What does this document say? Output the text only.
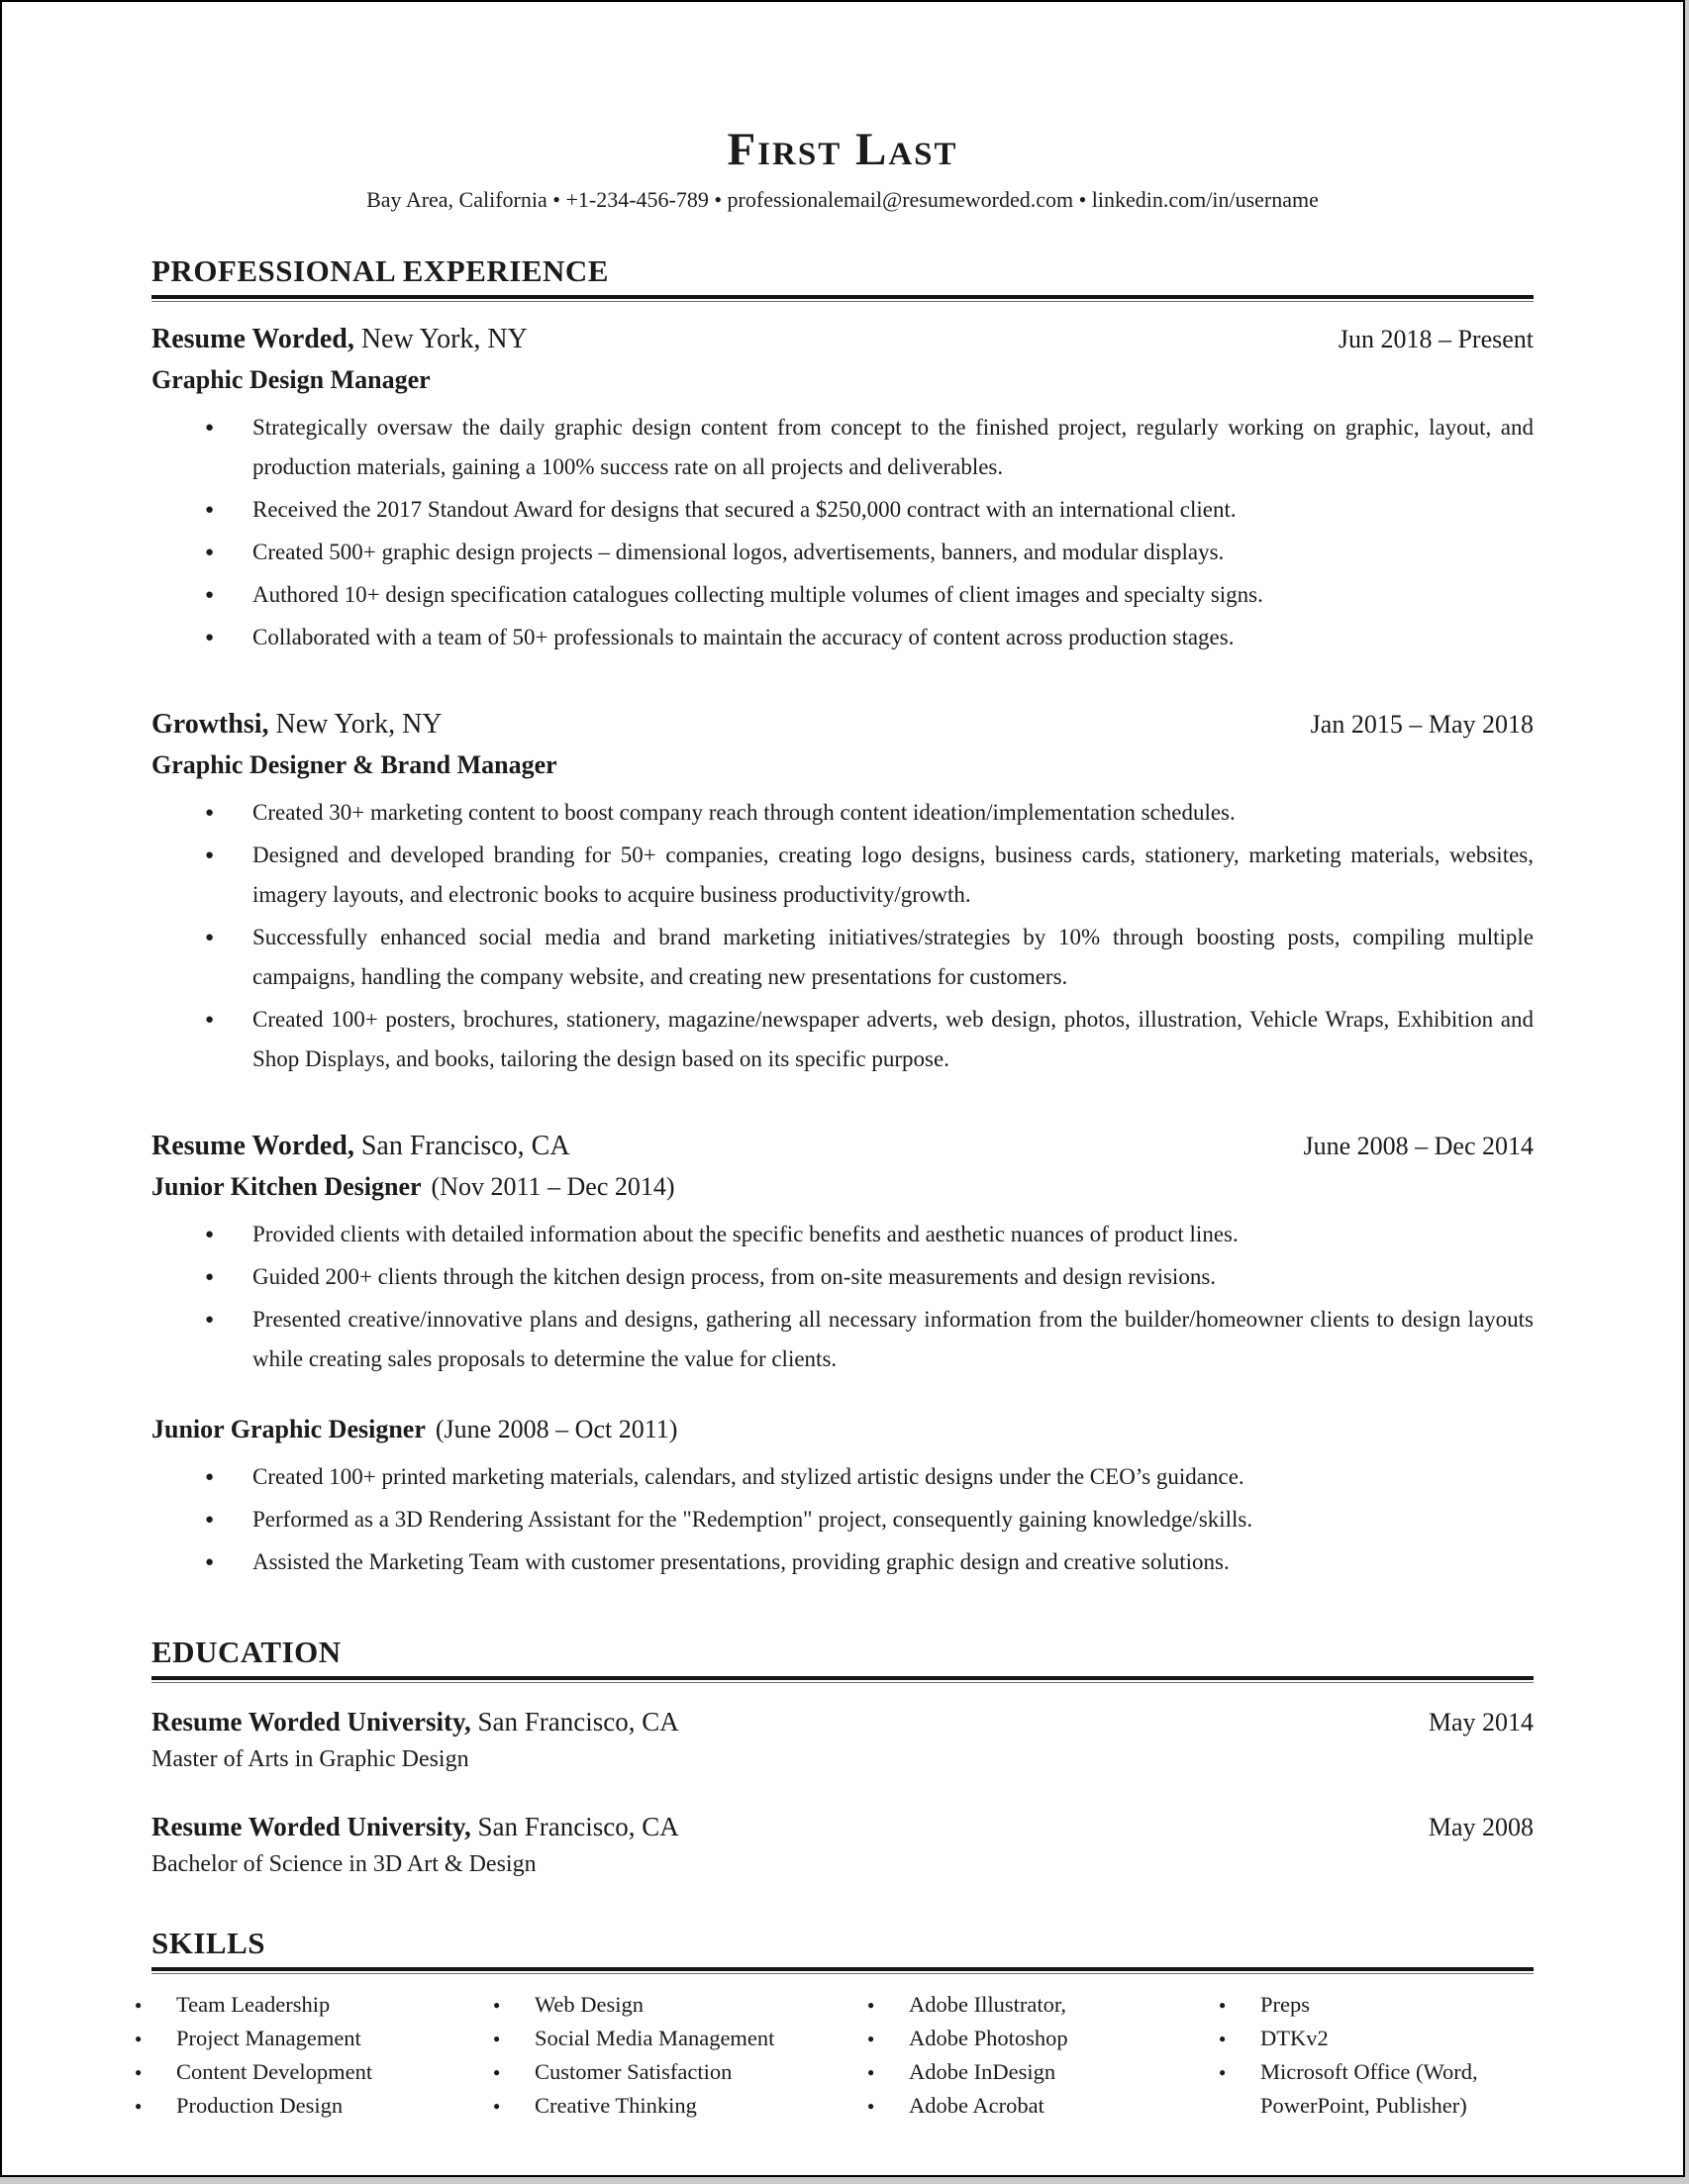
First Last
Bay Area, California • +1-234-456-789 • professionalemail@resumeworded.com • linkedin.com/in/username
PROFESSIONAL EXPERIENCE
Resume Worded, New York, NY	Jun 2018 – Present
Graphic Design Manager
● Strategically oversaw the daily graphic design content from concept to the finished project, regularly working on graphic, layout, and production materials, gaining a 100% success rate on all projects and deliverables.
● Received the 2017 Standout Award for designs that secured a $250,000 contract with an international client.
● Created 500+ graphic design projects – dimensional logos, advertisements, banners, and modular displays.
● Authored 10+ design specification catalogues collecting multiple volumes of client images and specialty signs.
● Collaborated with a team of 50+ professionals to maintain the accuracy of content across production stages.
Growthsi, New York, NY	Jan 2015 – May 2018
Graphic Designer & Brand Manager
● Created 30+ marketing content to boost company reach through content ideation/implementation schedules.
● Designed and developed branding for 50+ companies, creating logo designs, business cards, stationery, marketing materials, websites, imagery layouts, and electronic books to acquire business productivity/growth.
● Successfully enhanced social media and brand marketing initiatives/strategies by 10% through boosting posts, compiling multiple campaigns, handling the company website, and creating new presentations for customers.
● Created 100+ posters, brochures, stationery, magazine/newspaper adverts, web design, photos, illustration, Vehicle Wraps, Exhibition and Shop Displays, and books, tailoring the design based on its specific purpose.
Resume Worded, San Francisco, CA	June 2008 – Dec 2014
Junior Kitchen Designer (Nov 2011 – Dec 2014)
● Provided clients with detailed information about the specific benefits and aesthetic nuances of product lines.
● Guided 200+ clients through the kitchen design process, from on-site measurements and design revisions.
● Presented creative/innovative plans and designs, gathering all necessary information from the builder/homeowner clients to design layouts while creating sales proposals to determine the value for clients.
Junior Graphic Designer (June 2008 – Oct 2011)
● Created 100+ printed marketing materials, calendars, and stylized artistic designs under the CEO’s guidance.
● Performed as a 3D Rendering Assistant for the "Redemption" project, consequently gaining knowledge/skills.
● Assisted the Marketing Team with customer presentations, providing graphic design and creative solutions.
EDUCATION
Resume Worded University, San Francisco, CA	May 2014
Master of Arts in Graphic Design
Resume Worded University, San Francisco, CA	May 2008
Bachelor of Science in 3D Art & Design
SKILLS
● Team Leadership
● Project Management
● Content Development
● Production Design
● Web Design
● Social Media Management
● Customer Satisfaction
● Creative Thinking
● Adobe Illustrator,
● Adobe Photoshop
● Adobe InDesign
● Adobe Acrobat
● Preps
● DTKv2
● Microsoft Office (Word, PowerPoint, Publisher)
